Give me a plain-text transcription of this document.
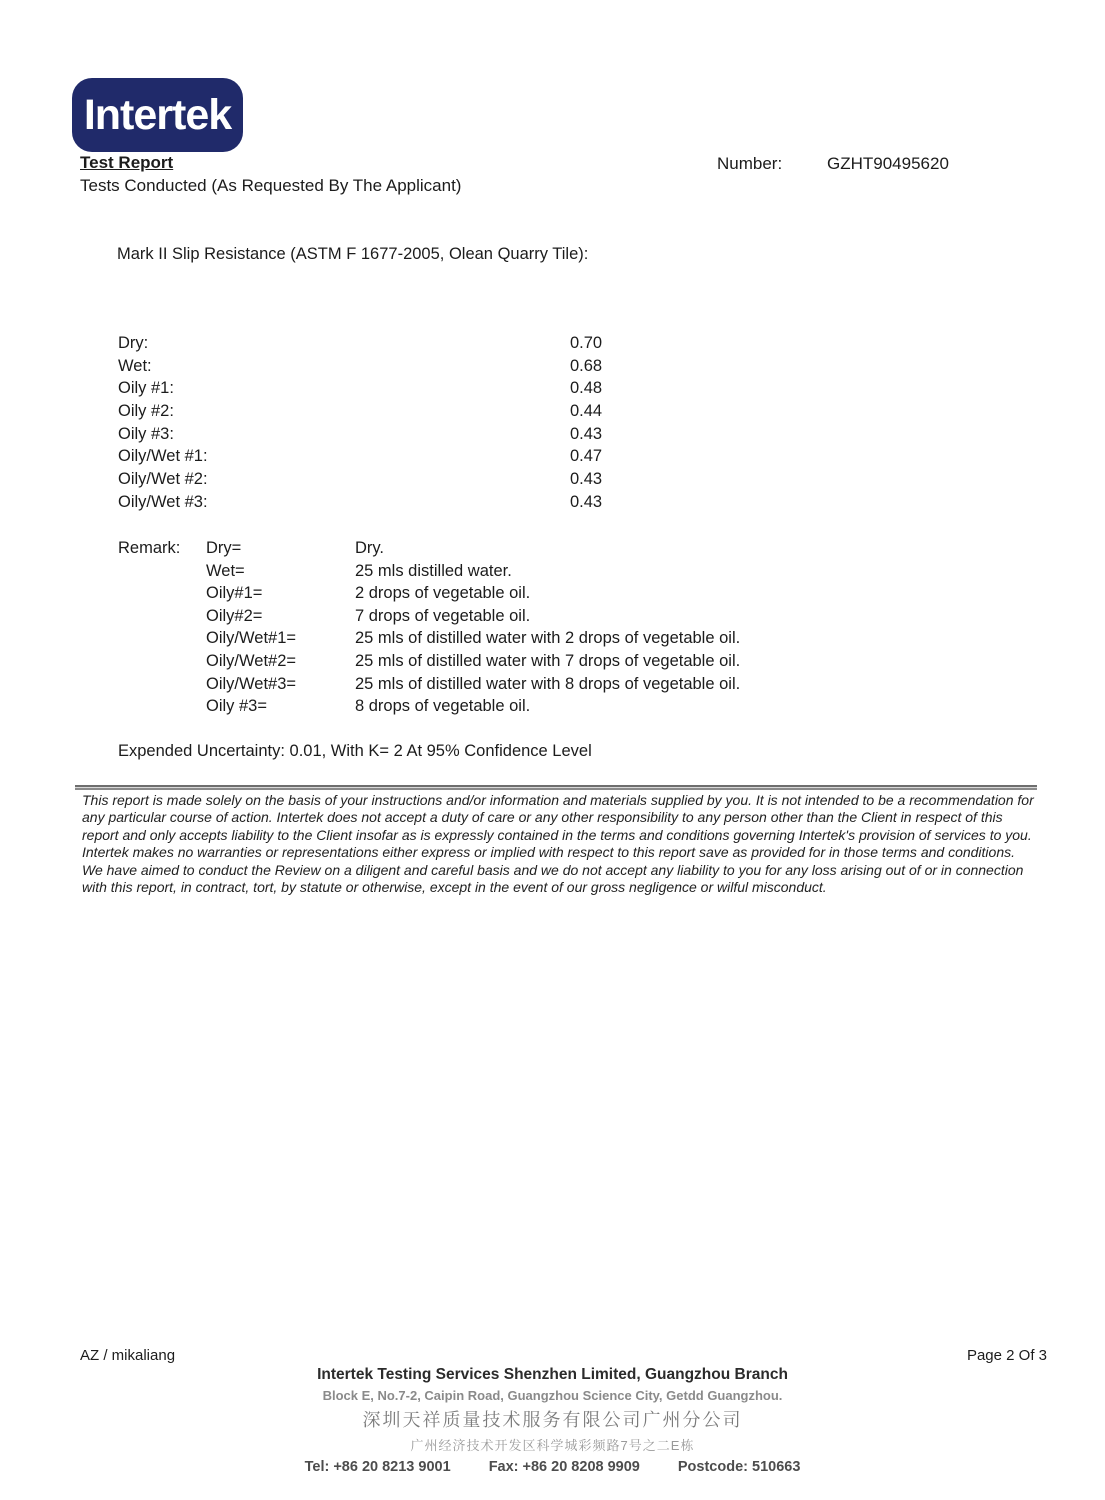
Intertek
Test Report
Tests Conducted (As Requested By The Applicant)
Number:	GZHT90495620
Mark II Slip Resistance (ASTM F 1677-2005, Olean Quarry Tile):
Dry:	0.70
Wet:	0.68
Oily #1:	0.48
Oily #2:	0.44
Oily #3:	0.43
Oily/Wet #1:	0.47
Oily/Wet #2:	0.43
Oily/Wet #3:	0.43
Remark: Dry=	Dry.
Wet=	25 mls distilled water.
Oily#1=	2 drops of vegetable oil.
Oily#2=	7 drops of vegetable oil.
Oily/Wet#1=	25 mls of distilled water with 2 drops of vegetable oil.
Oily/Wet#2=	25 mls of distilled water with 7 drops of vegetable oil.
Oily/Wet#3=	25 mls of distilled water with 8 drops of vegetable oil.
Oily #3=	8 drops of vegetable oil.
Expended Uncertainty: 0.01, With K= 2 At 95% Confidence Level
This report is made solely on the basis of your instructions and/or information and materials supplied by you. It is not intended to be a recommendation for any particular course of action. Intertek does not accept a duty of care or any other responsibility to any person other than the Client in respect of this report and only accepts liability to the Client insofar as is expressly contained in the terms and conditions governing Intertek's provision of services to you. Intertek makes no warranties or representations either express or implied with respect to this report save as provided for in those terms and conditions. We have aimed to conduct the Review on a diligent and careful basis and we do not accept any liability to you for any loss arising out of or in connection with this report, in contract, tort, by statute or otherwise, except in the event of our gross negligence or wilful misconduct.
AZ / mikaliang	Page 2 Of 3
Intertek Testing Services Shenzhen Limited, Guangzhou Branch
Block E, No.7-2, Caipin Road, Guangzhou Science City, Getdd Guangzhou.
深圳天祥质量技术服务有限公司广州分公司
广州经济技术开发区科学城彩频路7号之二E栋
Tel: +86 20 8213 9001	Fax: +86 20 8208 9909	Postcode: 510663
